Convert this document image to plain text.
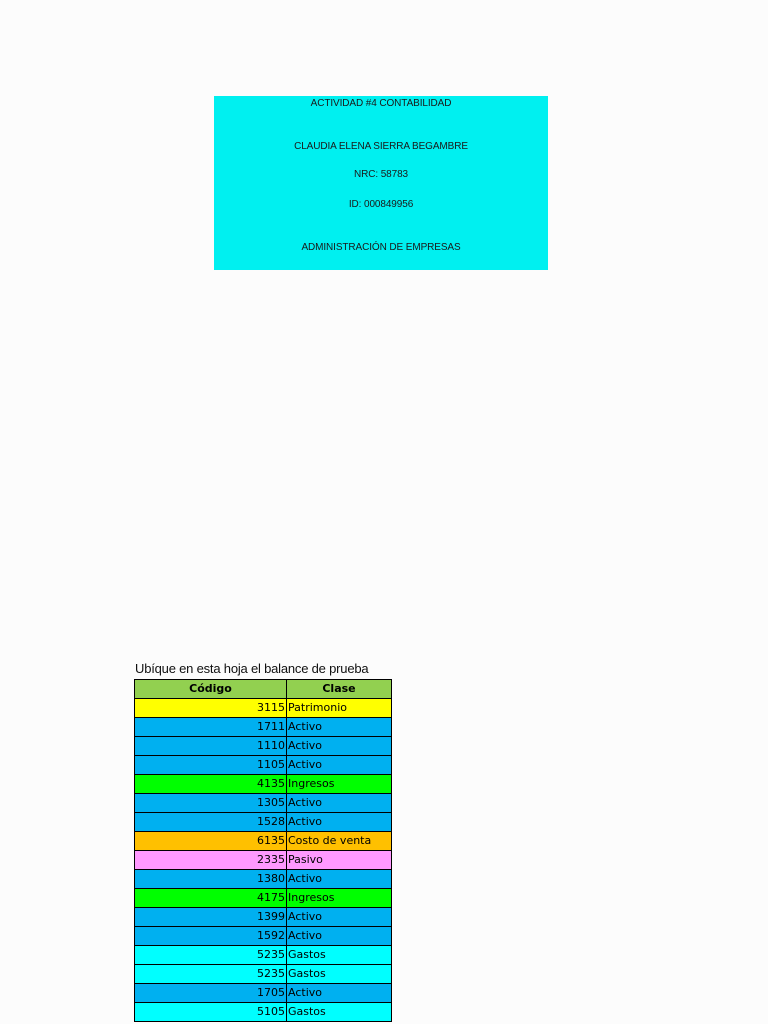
ACTIVIDAD #4 CONTABILIDAD
CLAUDIA ELENA SIERRA BEGAMBRE
NRC: 58783
ID: 000849956
ADMINISTRACIÓN DE EMPRESAS
Ubíque en esta hoja el balance de prueba
Código	Clase
3115	Patrimonio
1711	Activo
1110	Activo
1105	Activo
4135	Ingresos
1305	Activo
1528	Activo
6135	Costo de venta
2335	Pasivo
1380	Activo
4175	Ingresos
1399	Activo
1592	Activo
5235	Gastos
5235	Gastos
1705	Activo
5105	Gastos
